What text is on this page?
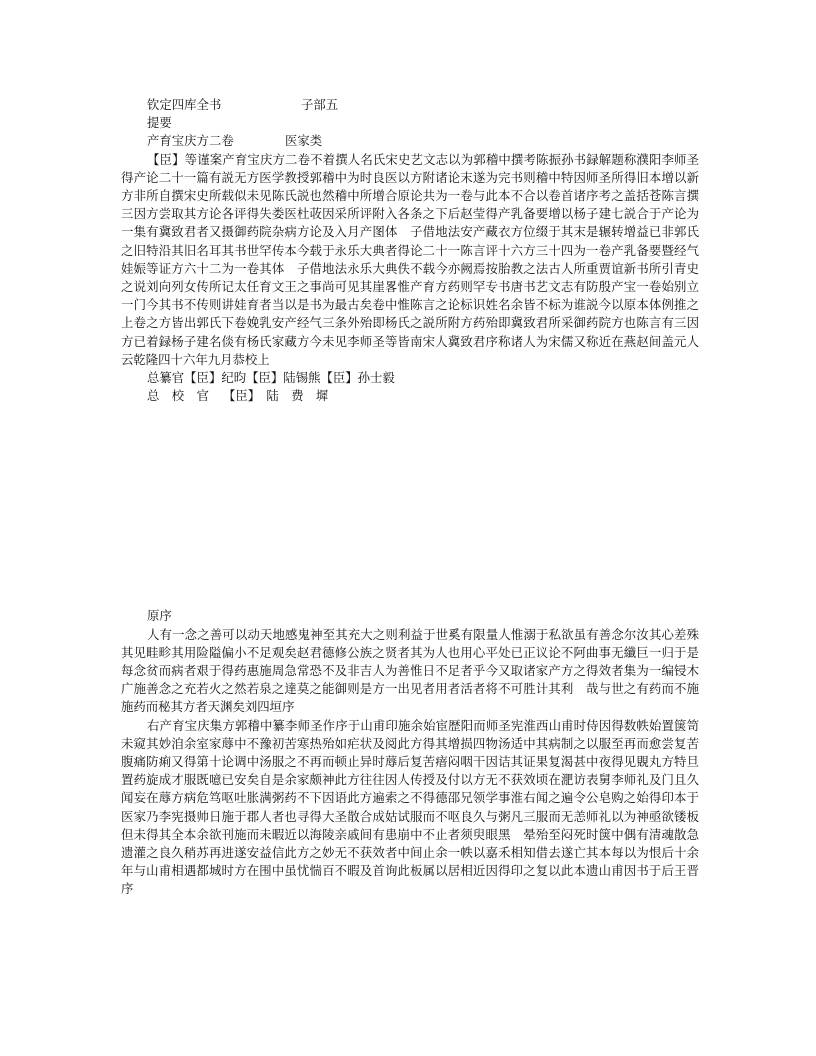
钦定四库全书	子部五
提要
产育宝庆方二卷	医家类

【臣】等谨案产育宝庆方二卷不着撰人名氏宋史艺文志以为郭稽中撰考陈振孙书録解题称濮阳李师圣得产论二十一篇有説无方医学教授郭稽中为时良医以方附诸论末遂为完书则稽中特因师圣所得旧本增以新方非所自撰宋史所载似未见陈氏説也然稽中所增合原论共为一卷与此本不合以卷首诸序考之盖括苍陈言撰三因方尝取其方论各评得失娄医杜荍因采所评附入各条之下后赵莹得产乳备要增以杨子建七説合于产论为一集有冀致君者又摄御药院杂病方论及入月产图体　子借地法安产藏衣方位缀于其末是辗转增益已非郭氏之旧特沿其旧名耳其书世罕传本今载于永乐大典者得论二十一陈言评十六方三十四为一卷产乳备要暨经气娃娠等证方六十二为一卷其体　子借地法永乐大典佚不载今亦阙焉按胎教之法古人所重贾谊新书所引青史之说刘向列女传所记太任育文王之事尚可见其崖畧惟产育方药则罕专书唐书艺文志有防殷产宝一卷始别立一门今其书不传则讲娃育者当以是书为最古矣卷中惟陈言之论标识姓名余皆不标为谁説今以原本体例推之上卷之方皆出郭氏下卷娩乳安产经气三条外殆即杨氏之説所附方药殆即冀致君所采御药院方也陈言有三因方已着録杨子建名倓有杨氏家藏方今未见李师圣等皆南宋人冀致君序称诸人为宋儒又称近在燕赵间盖元人云乾隆四十六年九月恭校上

总纂官【臣】纪昀【臣】陆锡熊【臣】孙士毅
总　校　官 【臣】　陆　费　墀
原序

人有一念之善可以动天地感鬼神至其充大之则利益于世奚有限量人惟溺于私欲虽有善念尔汝其心差殊其见畦畛其用险隘偏小不足观矣赵君德修公族之贤者其为人也用心平处已正议论不阿曲事无纖巨一归于是每念贫而病者艰于得药惠施周急常恐不及非吉人为善惟日不足者乎今又取诸家产方之得效者集为一编锓木广施善念之充若火之然若泉之達莫之能御则是方一出见者用者活者将不可胜计其利　哉与世之有药而不施施药而秘其方者天渊矣刘四垣序

右产育宝庆集方郭稽中纂李师圣作序于山甫印施余始宦歴阳而师圣宪淮西山甫时侍因得数帙始置箧笥未窥其妙洎余室家蓐中不豫初苦寒热殆如疟状及阅此方得其增损四物汤适中其病制之以服至再而愈尝复苦腹痛防痢又得第十论调中汤服之不再而顿止异时蓐后复苦瘖闷咽干因诘其证果复渴甚中夜得见覞丸方特旦置药旋成才服既噫已安矣自是余家颇神此方往往因人传授及付以方无不获效顷在淝访表舅李师礼及门且久闻妄在蓐方病危笃呕吐胀满粥药不下因语此方遍索之不得德邵兄领学事淮右闻之遍令公皂购之始得印本于医家乃李宪摄帅日施于郡人者也寻得大圣散合成姑试服而不呕良久与粥凡三服而无恙师礼以为神亟欲镂板但未得其全本余欲刊施而未暇近以海陵亲戚间有患崩中不止者须臾眼黑　晕殆至闷死时箧中偶有清魂散急遗灌之良久稍苏再进遂安益信此方之妙无不获效者中间止余一帙以嘉禾相知借去遂亡其本每以为恨后十余年与山甫相遇都城时方在围中虽忧惴百不暇及首询此板属以居相近因得印之复以此本遗山甫因书于后王晋序
